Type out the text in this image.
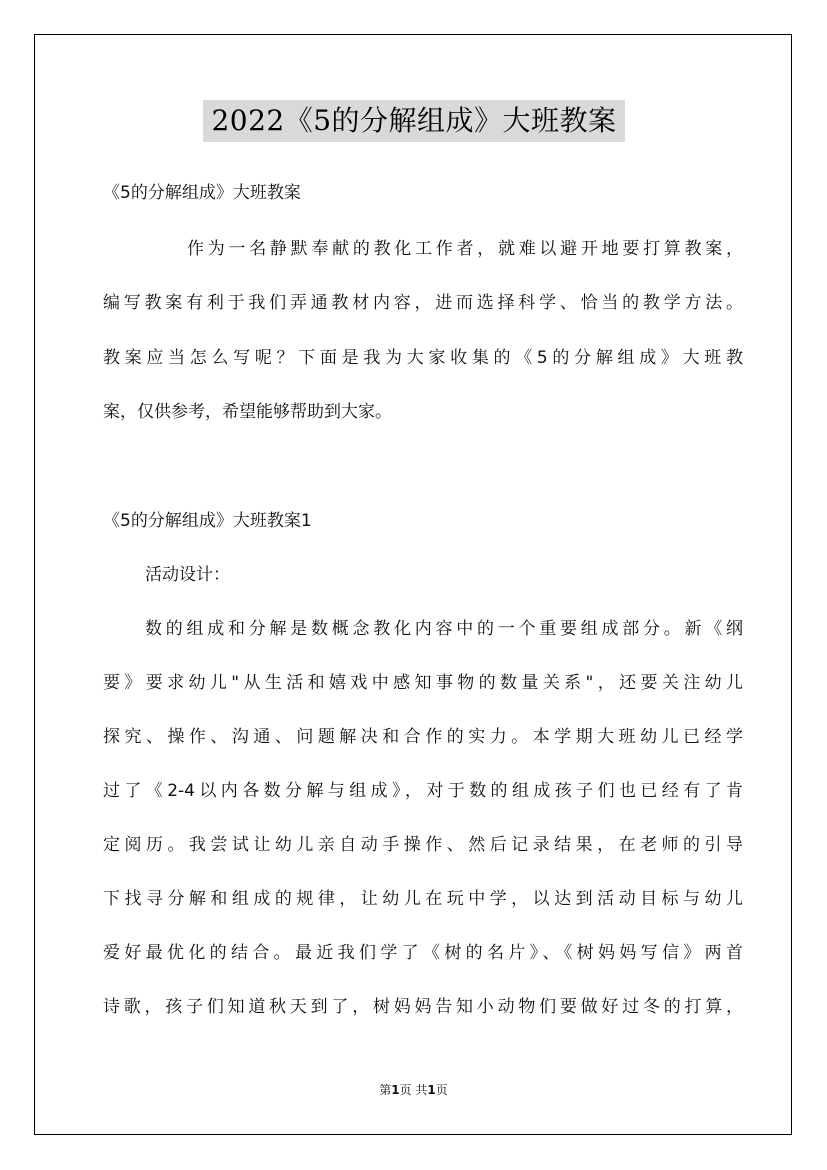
2022《5的分解组成》大班教案
《5的分解组成》大班教案
作为一名静默奉献的教化工作者，就难以避开地要打算教案，
编写教案有利于我们弄通教材内容，进而选择科学、恰当的教学方法。
教案应当怎么写呢？下面是我为大家收集的《5的分解组成》大班教
案，仅供参考，希望能够帮助到大家。
《5的分解组成》大班教案1
活动设计：
数的组成和分解是数概念教化内容中的一个重要组成部分。新《纲
要》要求幼儿"从生活和嬉戏中感知事物的数量关系"，还要关注幼儿
探究、操作、沟通、问题解决和合作的实力。本学期大班幼儿已经学
过了《2-4以内各数分解与组成》，对于数的组成孩子们也已经有了肯
定阅历。我尝试让幼儿亲自动手操作、然后记录结果，在老师的引导
下找寻分解和组成的规律，让幼儿在玩中学，以达到活动目标与幼儿
爱好最优化的结合。最近我们学了《树的名片》、《树妈妈写信》两首
诗歌，孩子们知道秋天到了，树妈妈告知小动物们要做好过冬的打算，
第1页 共1页
